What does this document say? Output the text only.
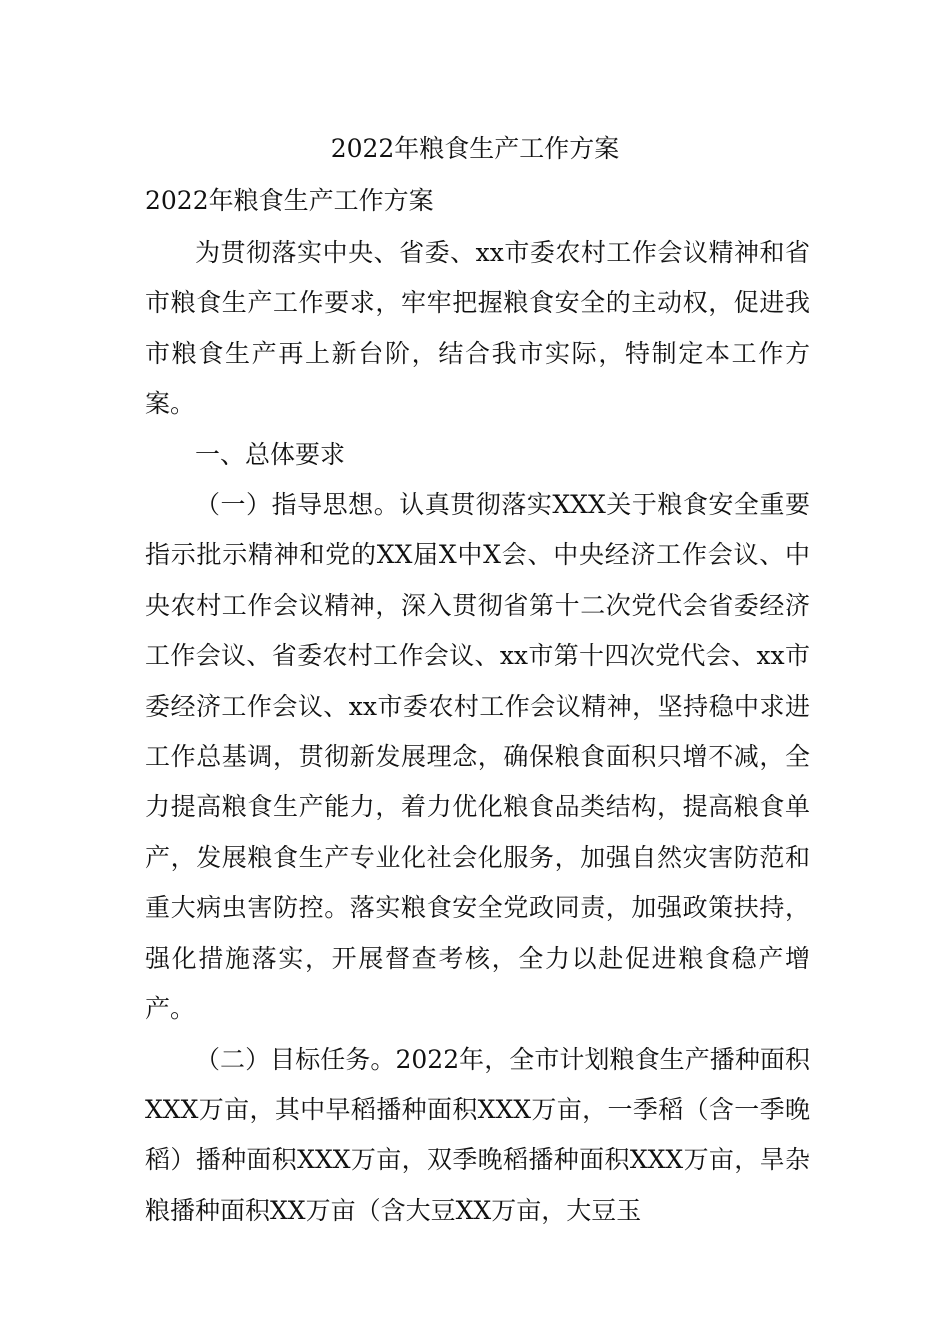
2022年粮食生产工作方案
2022年粮食生产工作方案

为贯彻落实中央、省委、xx市委农村工作会议精神和省市粮食生产工作要求，牢牢把握粮食安全的主动权，促进我市粮食生产再上新台阶，结合我市实际，特制定本工作方案。

一、总体要求

（一）指导思想。认真贯彻落实XXX关于粮食安全重要指示批示精神和党的XX届X中X会、中央经济工作会议、中央农村工作会议精神，深入贯彻省第十二次党代会省委经济工作会议、省委农村工作会议、xx市第十四次党代会、xx市委经济工作会议、xx市委农村工作会议精神，坚持稳中求进工作总基调，贯彻新发展理念，确保粮食面积只增不减，全力提高粮食生产能力，着力优化粮食品类结构，提高粮食单产，发展粮食生产专业化社会化服务，加强自然灾害防范和重大病虫害防控。落实粮食安全党政同责，加强政策扶持，强化措施落实，开展督查考核，全力以赴促进粮食稳产增产。

（二）目标任务。2022年，全市计划粮食生产播种面积XXX万亩，其中早稻播种面积XXX万亩，一季稻（含一季晚稻）播种面积XXX万亩，双季晚稻播种面积XXX万亩，旱杂粮播种面积XX万亩（含大豆XX万亩，大豆玉
